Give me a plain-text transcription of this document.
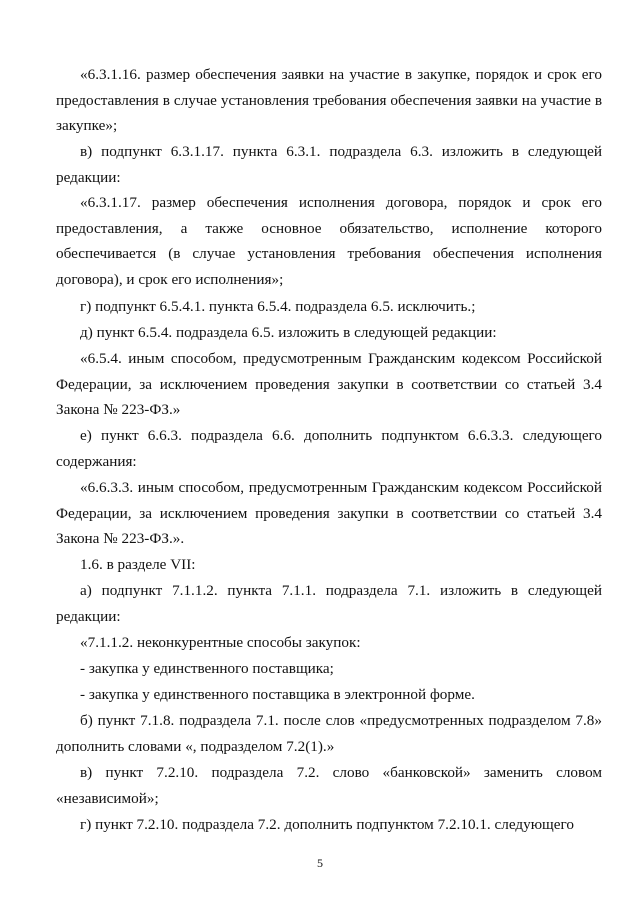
«6.3.1.16. размер обеспечения заявки на участие в закупке, порядок и срок его предоставления в случае установления требования обеспечения заявки на участие в закупке»;

в) подпункт 6.3.1.17. пункта 6.3.1. подраздела 6.3. изложить в следующей редакции:

«6.3.1.17. размер обеспечения исполнения договора, порядок и срок его предоставления, а также основное обязательство, исполнение которого обеспечивается (в случае установления требования обеспечения исполнения договора), и срок его исполнения»;

г) подпункт 6.5.4.1. пункта 6.5.4. подраздела 6.5. исключить.;

д) пункт 6.5.4. подраздела 6.5. изложить в следующей редакции:

«6.5.4. иным способом, предусмотренным Гражданским кодексом Российской Федерации, за исключением проведения закупки в соответствии со статьей 3.4 Закона № 223-ФЗ.»

е) пункт 6.6.3. подраздела 6.6. дополнить подпунктом 6.6.3.3. следующего содержания:

«6.6.3.3. иным способом, предусмотренным Гражданским кодексом Российской Федерации, за исключением проведения закупки в соответствии со статьей 3.4 Закона № 223-ФЗ.».

1.6. в разделе VII:

а) подпункт 7.1.1.2. пункта 7.1.1. подраздела 7.1. изложить в следующей редакции:

«7.1.1.2. неконкурентные способы закупок:

- закупка у единственного поставщика;

- закупка у единственного поставщика в электронной форме.

б) пункт 7.1.8. подраздела 7.1. после слов «предусмотренных подразделом 7.8» дополнить словами «, подразделом 7.2(1).»

в) пункт 7.2.10. подраздела 7.2. слово «банковской» заменить словом «независимой»;

г) пункт 7.2.10. подраздела 7.2. дополнить подпунктом 7.2.10.1. следующего

5
